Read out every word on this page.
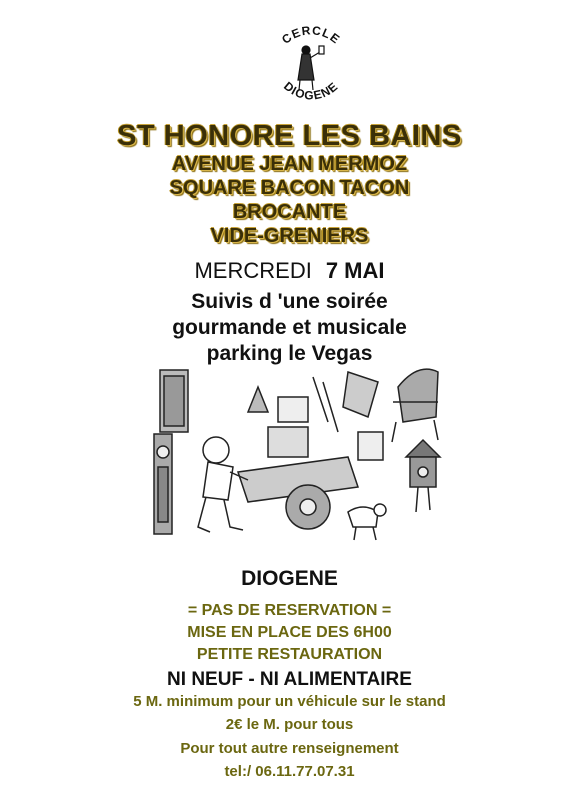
CERCLE
DIOGENE
ST HONORE LES BAINS
AVENUE JEAN MERMOZ
SQUARE BACON TACON
BROCANTE
VIDE-GRENIERS
MERCREDI 7 MAI
Suivis d 'une soirée
gourmande et musicale
parking le Vegas
DIOGENE
= PAS DE RESERVATION =
MISE EN PLACE DES 6H00
PETITE RESTAURATION
NI NEUF - NI ALIMENTAIRE
5 M. minimum pour un véhicule sur le stand
2€ le M. pour tous
Pour tout autre renseignement
tel:/ 06.11.77.07.31
